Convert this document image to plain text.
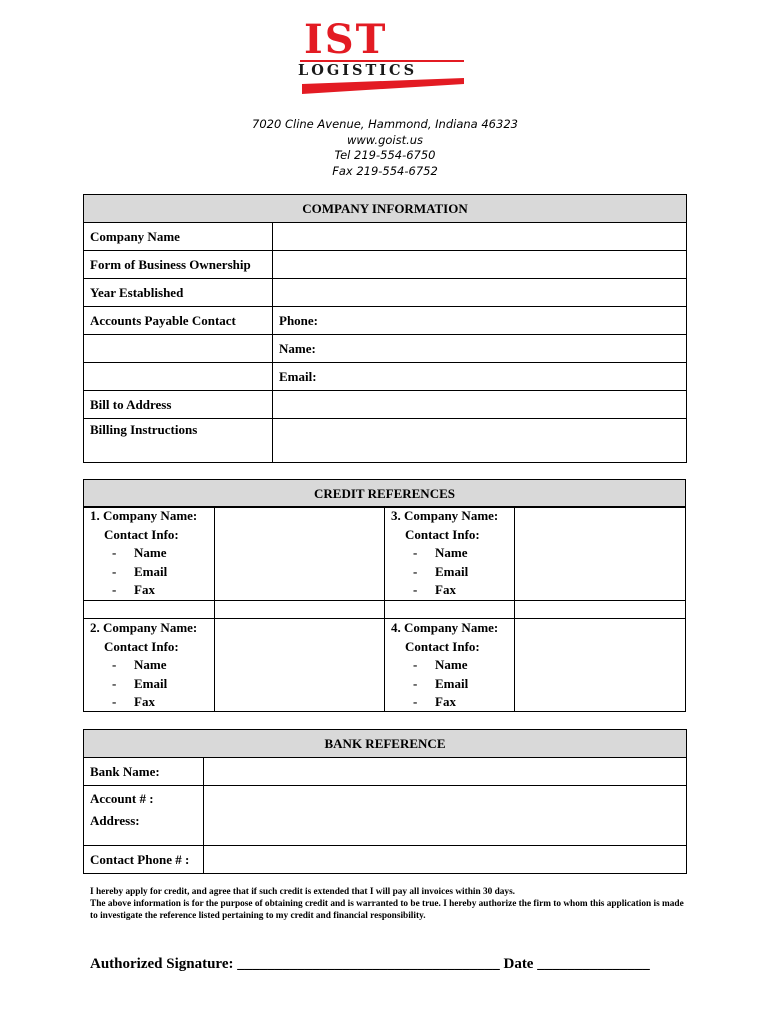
IST
LOGISTICS
7020 Cline Avenue, Hammond, Indiana 46323
www.goist.us
Tel 219-554-6750
Fax 219-554-6752
COMPANY INFORMATION	
Company Name	
Form of Business Ownership	
Year Established	
Accounts Payable Contact	Phone:
	Name:
	Email:
Bill to Address	
Billing Instructions	
CREDIT REFERENCES
1. Company Name:
Contact Info:
- Name
- Email
- Fax
3. Company Name:
Contact Info:
- Name
- Email
- Fax
2. Company Name:
Contact Info:
- Name
- Email
- Fax
4. Company Name:
Contact Info:
- Name
- Email
- Fax
BANK REFERENCE	
Bank Name:	

Account # :
Address:	

Contact Phone # :	
I hereby apply for credit, and agree that if such credit is extended that I will pay all invoices within 30 days.
The above information is for the purpose of obtaining credit and is warranted to be true. I hereby authorize the firm to whom this application is made to investigate the reference listed pertaining to my credit and financial responsibility.
Authorized Signature: ___________________________________ Date _______________
